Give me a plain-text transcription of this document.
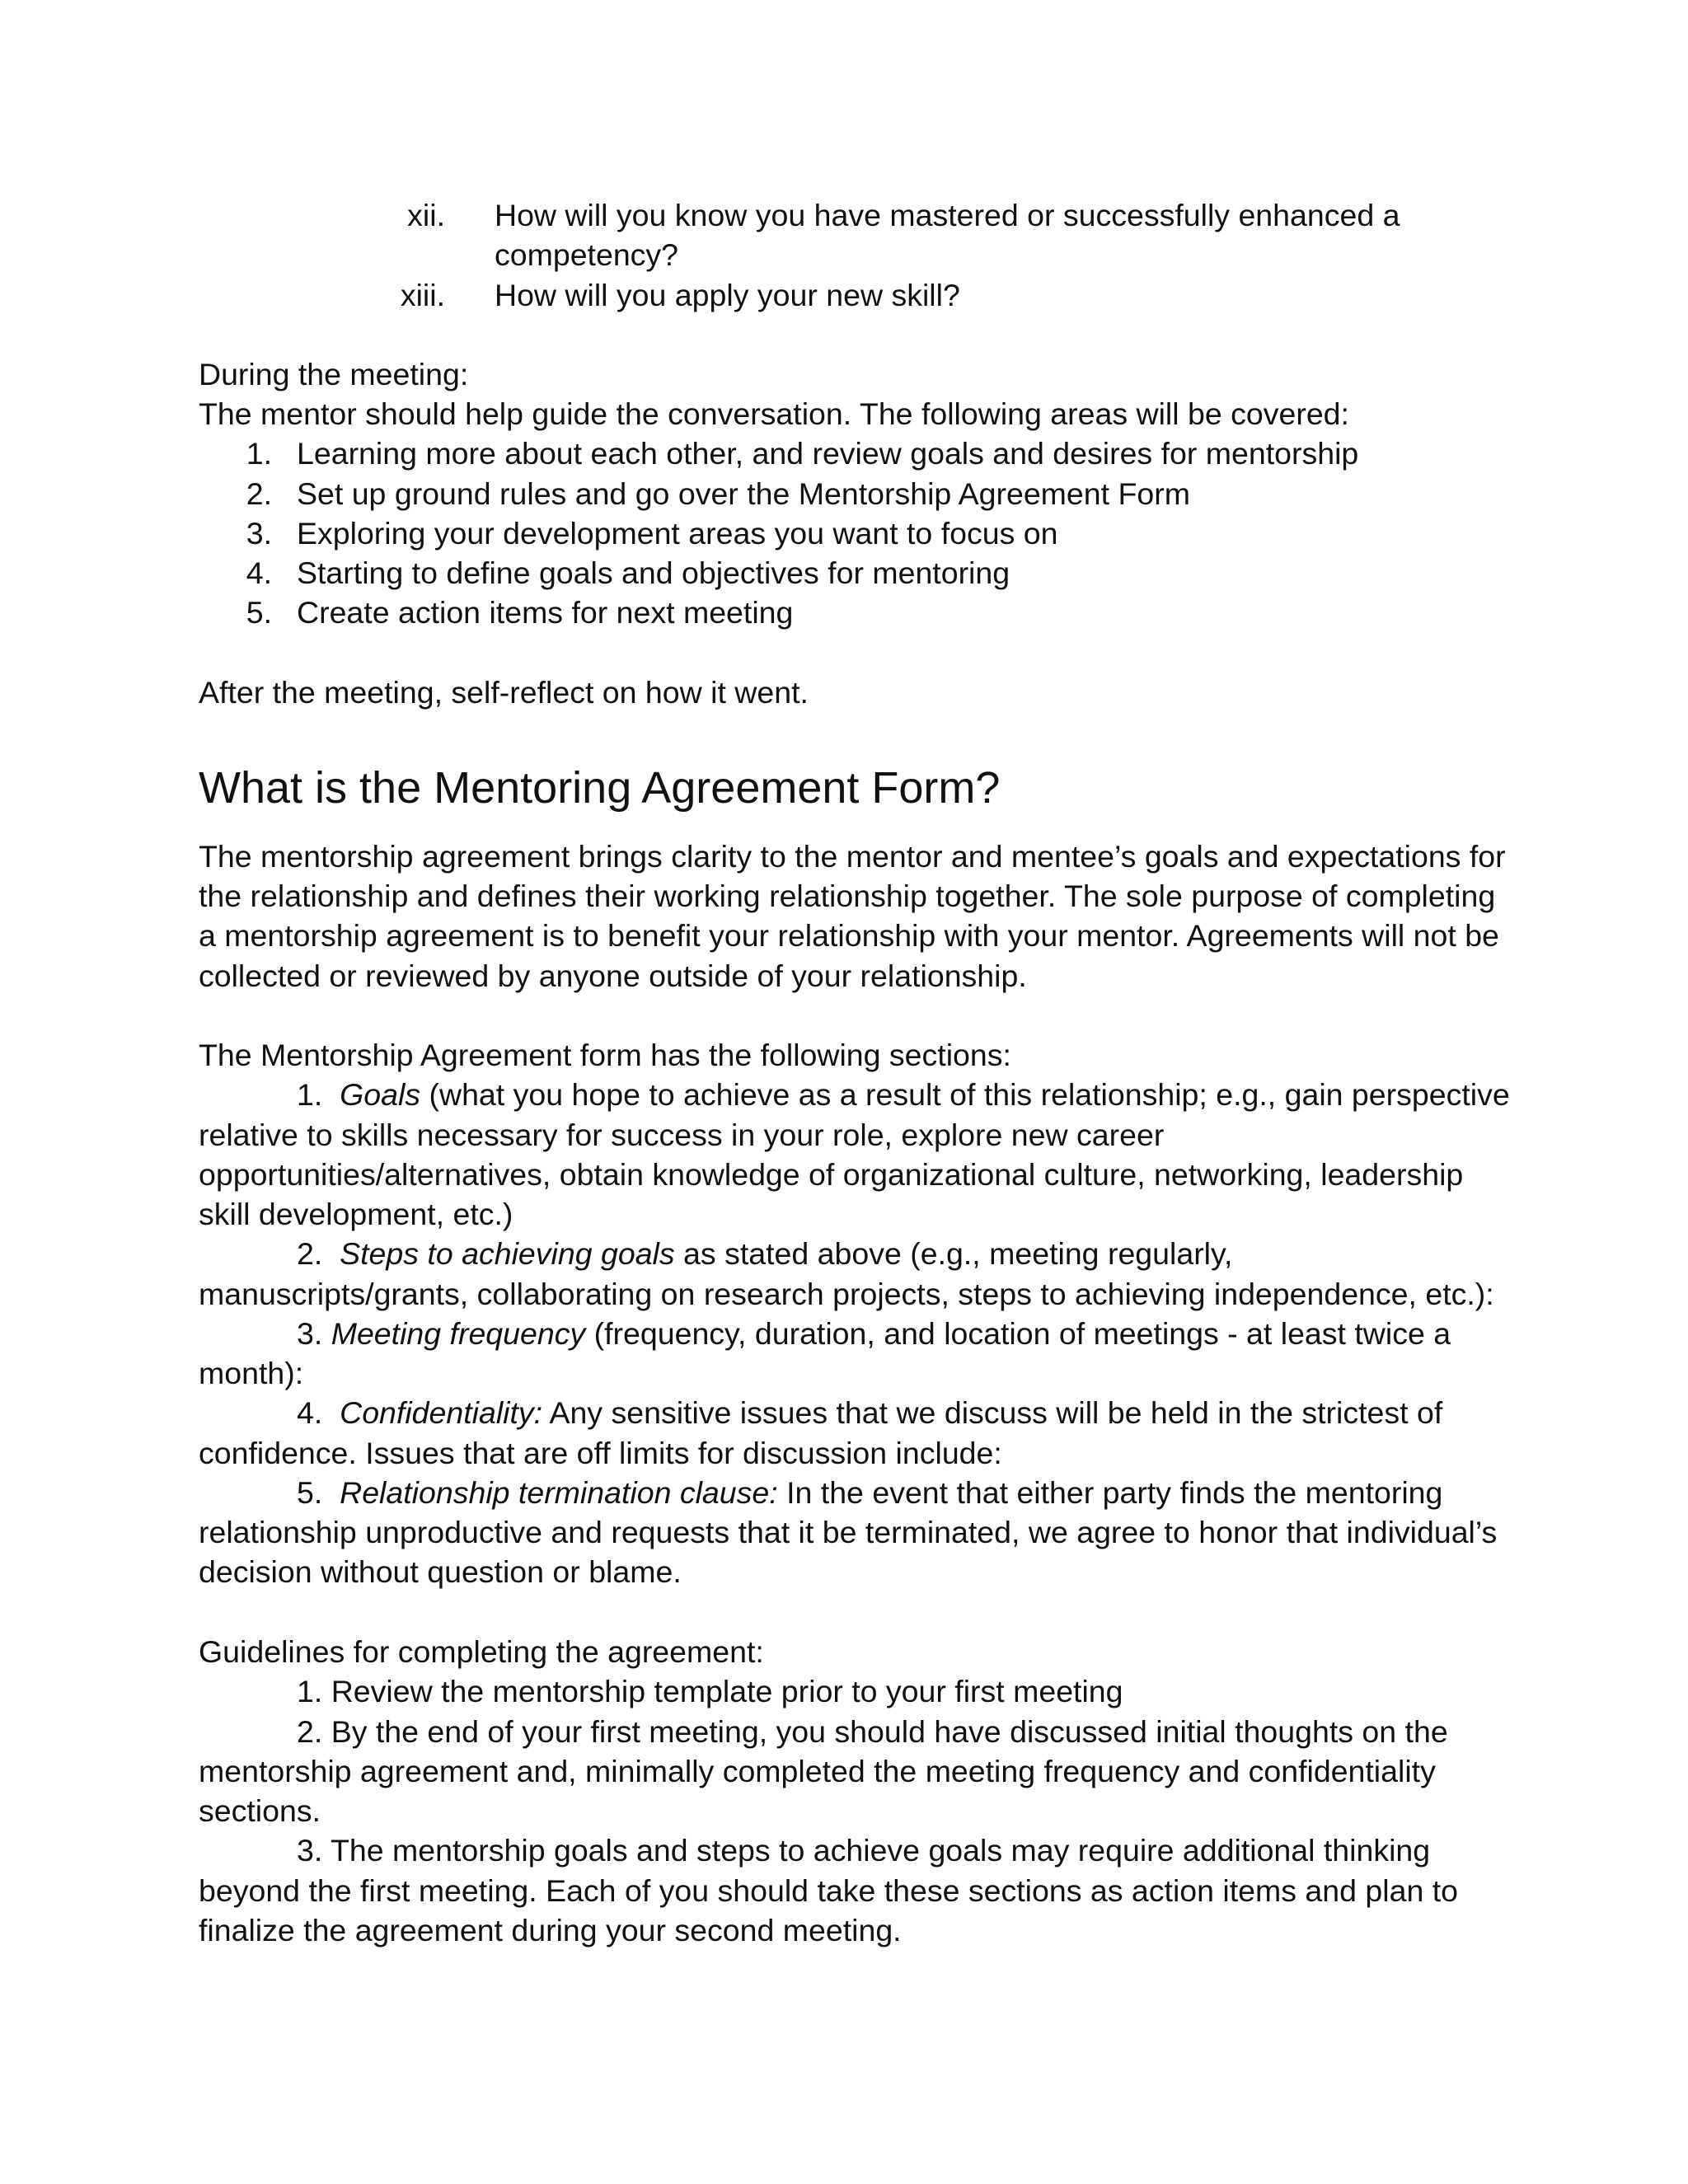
xii. How will you know you have mastered or successfully enhanced a
competency?
xiii. How will you apply your new skill?
During the meeting:
The mentor should help guide the conversation. The following areas will be covered:
1. Learning more about each other, and review goals and desires for mentorship
2. Set up ground rules and go over the Mentorship Agreement Form
3. Exploring your development areas you want to focus on
4. Starting to define goals and objectives for mentoring
5. Create action items for next meeting
After the meeting, self-reflect on how it went.
What is the Mentoring Agreement Form?
The mentorship agreement brings clarity to the mentor and mentee’s goals and expectations for
the relationship and defines their working relationship together. The sole purpose of completing
a mentorship agreement is to benefit your relationship with your mentor. Agreements will not be
collected or reviewed by anyone outside of your relationship.
The Mentorship Agreement form has the following sections:
1. Goals (what you hope to achieve as a result of this relationship; e.g., gain perspective
relative to skills necessary for success in your role, explore new career
opportunities/alternatives, obtain knowledge of organizational culture, networking, leadership
skill development, etc.)
2. Steps to achieving goals as stated above (e.g., meeting regularly,
manuscripts/grants, collaborating on research projects, steps to achieving independence, etc.):
3. Meeting frequency (frequency, duration, and location of meetings - at least twice a
month):
4. Confidentiality: Any sensitive issues that we discuss will be held in the strictest of
confidence. Issues that are off limits for discussion include:
5. Relationship termination clause: In the event that either party finds the mentoring
relationship unproductive and requests that it be terminated, we agree to honor that individual’s
decision without question or blame.
Guidelines for completing the agreement:
1. Review the mentorship template prior to your first meeting
2. By the end of your first meeting, you should have discussed initial thoughts on the
mentorship agreement and, minimally completed the meeting frequency and confidentiality
sections.
3. The mentorship goals and steps to achieve goals may require additional thinking
beyond the first meeting. Each of you should take these sections as action items and plan to
finalize the agreement during your second meeting.
